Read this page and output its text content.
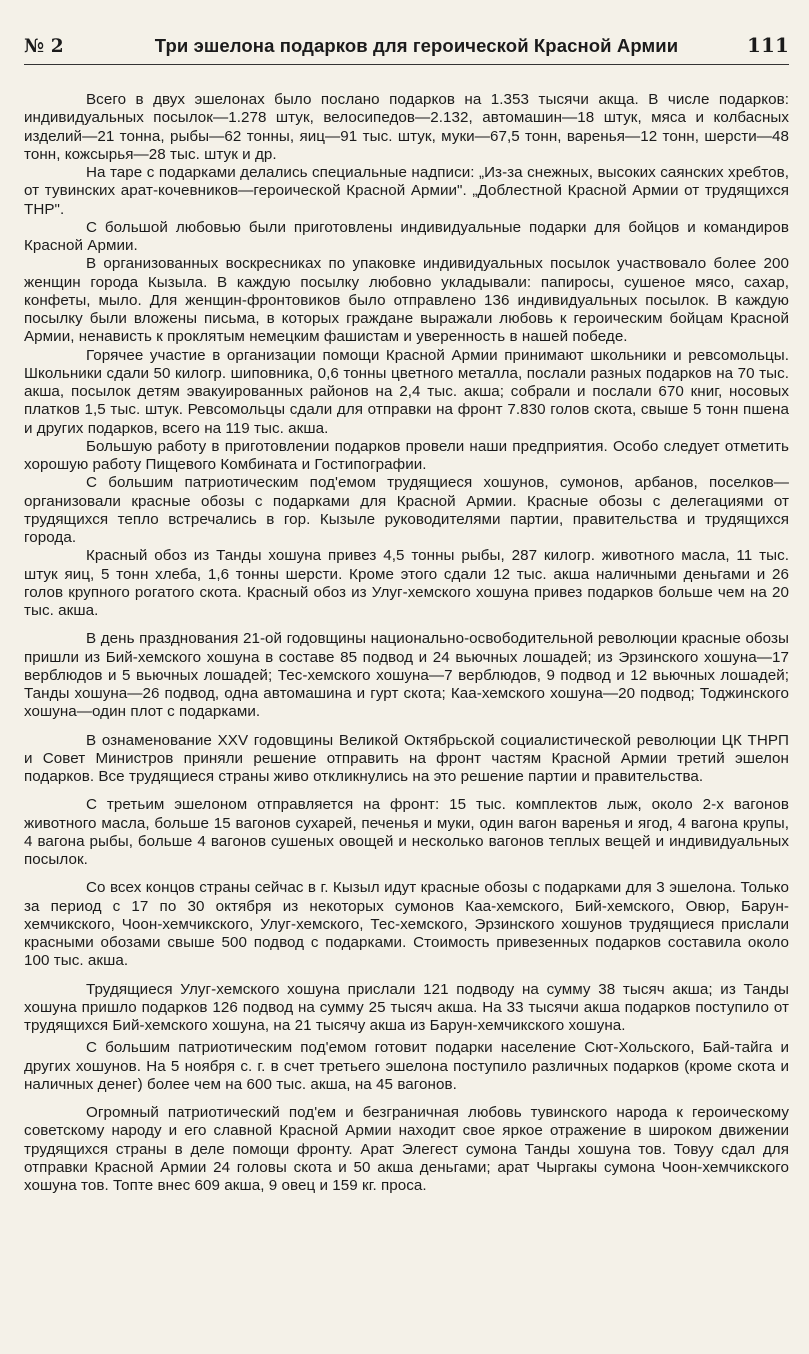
№ 2	Три эшелона подарков для героической Красной Армии	111

Всего в двух эшелонах было послано подарков на 1.353 тысячи акща. В числе подарков: индивидуальных посылок—1.278 штук, велосипедов—2.132, автомашин—18 штук, мяса и колбасных изделий—21 тонна, рыбы—62 тонны, яиц—91 тыс. штук, муки—67,5 тонн, варенья—12 тонн, шерсти—48 тонн, кожсырья—28 тыс. штук и др.

На таре с подарками делались специальные надписи: „Из-за снежных, высоких саянских хребтов, от тувинских арат-кочевников—героической Красной Армии". „Доблестной Красной Армии от трудящихся ТНР".

С большой любовью были приготовлены индивидуальные подарки для бойцов и командиров Красной Армии.

В организованных воскресниках по упаковке индивидуальных посылок участвовало более 200 женщин города Кызыла. В каждую посылку любовно укладывали: папиросы, сушеное мясо, сахар, конфеты, мыло. Для женщин-фронтовиков было отправлено 136 индивидуальных посылок. В каждую посылку были вложены письма, в которых граждане выражали любовь к героическим бойцам Красной Армии, ненависть к проклятым немецким фашистам и уверенность в нашей победе.

Горячее участие в организации помощи Красной Армии принимают школьники и ревсомольцы. Школьники сдали 50 килогр. шиповника, 0,6 тонны цветного металла, послали разных подарков на 70 тыс. акша, посылок детям эвакуированных районов на 2,4 тыс. акша; собрали и послали 670 книг, носовых платков 1,5 тыс. штук. Ревсомольцы сдали для отправки на фронт 7.830 голов скота, свыше 5 тонн пшена и других подарков, всего на 119 тыс. акша.

Большую работу в приготовлении подарков провели наши предприятия. Особо следует отметить хорошую работу Пищевого Комбината и Гостипографии.

С большим патриотическим под'емом трудящиеся хошунов, сумонов, арбанов, поселков—организовали красные обозы с подарками для Красной Армии. Красные обозы с делегациями от трудящихся тепло встречались в гор. Кызыле руководителями партии, правительства и трудящихся города.

Красный обоз из Танды хошуна привез 4,5 тонны рыбы, 287 килогр. животного масла, 11 тыс. штук яиц, 5 тонн хлеба, 1,6 тонны шерсти. Кроме этого сдали 12 тыс. акша наличными деньгами и 26 голов крупного рогатого скота. Красный обоз из Улуг-хемского хошуна привез подарков больше чем на 20 тыс. акша.

В день празднования 21-ой годовщины национально-освободительной революции красные обозы пришли из Бий-хемского хошуна в составе 85 подвод и 24 вьючных лошадей; из Эрзинского хошуна—17 верблюдов и 5 вьючных лошадей; Тес-хемского хошуна—7 верблюдов, 9 подвод и 12 вьючных лошадей; Танды хошуна—26 подвод, одна автомашина и гурт скота; Каа-хемского хошуна—20 подвод; Тоджинского хошуна—один плот с подарками.

В ознаменование XXV годовщины Великой Октябрьской социалистической революции ЦК ТНРП и Совет Министров приняли решение отправить на фронт частям Красной Армии третий эшелон подарков. Все трудящиеся страны живо откликнулись на это решение партии и правительства.

С третьим эшелоном отправляется на фронт: 15 тыс. комплектов лыж, около 2-х вагонов животного масла, больше 15 вагонов сухарей, печенья и муки, один вагон варенья и ягод, 4 вагона крупы, 4 вагона рыбы, больше 4 вагонов сушеных овощей и несколько вагонов теплых вещей и индивидуальных посылок.

Со всех концов страны сейчас в г. Кызыл идут красные обозы с подарками для 3 эшелона. Только за период с 17 по 30 октября из некоторых сумонов Каа-хемского, Бий-хемского, Овюр, Барун-хемчикского, Чоон-хемчикского, Улуг-хемского, Тес-хемского, Эрзинского хошунов трудящиеся прислали красными обозами свыше 500 подвод с подарками. Стоимость привезенных подарков составила около 100 тыс. акша.

Трудящиеся Улуг-хемского хошуна прислали 121 подводу на сумму 38 тысяч акша; из Танды хошуна пришло подарков 126 подвод на сумму 25 тысяч акша. На 33 тысячи акша подарков поступило от трудящихся Бий-хемского хошуна, на 21 тысячу акша из Барун-хемчикского хошуна.

С большим патриотическим под'емом готовит подарки население Сют-Хольского, Бай-тайга и других хошунов. На 5 ноября с. г. в счет третьего эшелона поступило различных подарков (кроме скота и наличных денег) более чем на 600 тыс. акша, на 45 вагонов.

Огромный патриотический под'ем и безграничная любовь тувинского народа к героическому советскому народу и его славной Красной Армии находит свое яркое отражение в широком движении трудящихся страны в деле помощи фронту. Арат Элегест сумона Танды хошуна тов. Товуу сдал для отправки Красной Армии 24 головы скота и 50 акша деньгами; арат Чыргакы сумона Чоон-хемчикского хошуна тов. Топте внес 609 акша, 9 овец и 159 кг. проса.
